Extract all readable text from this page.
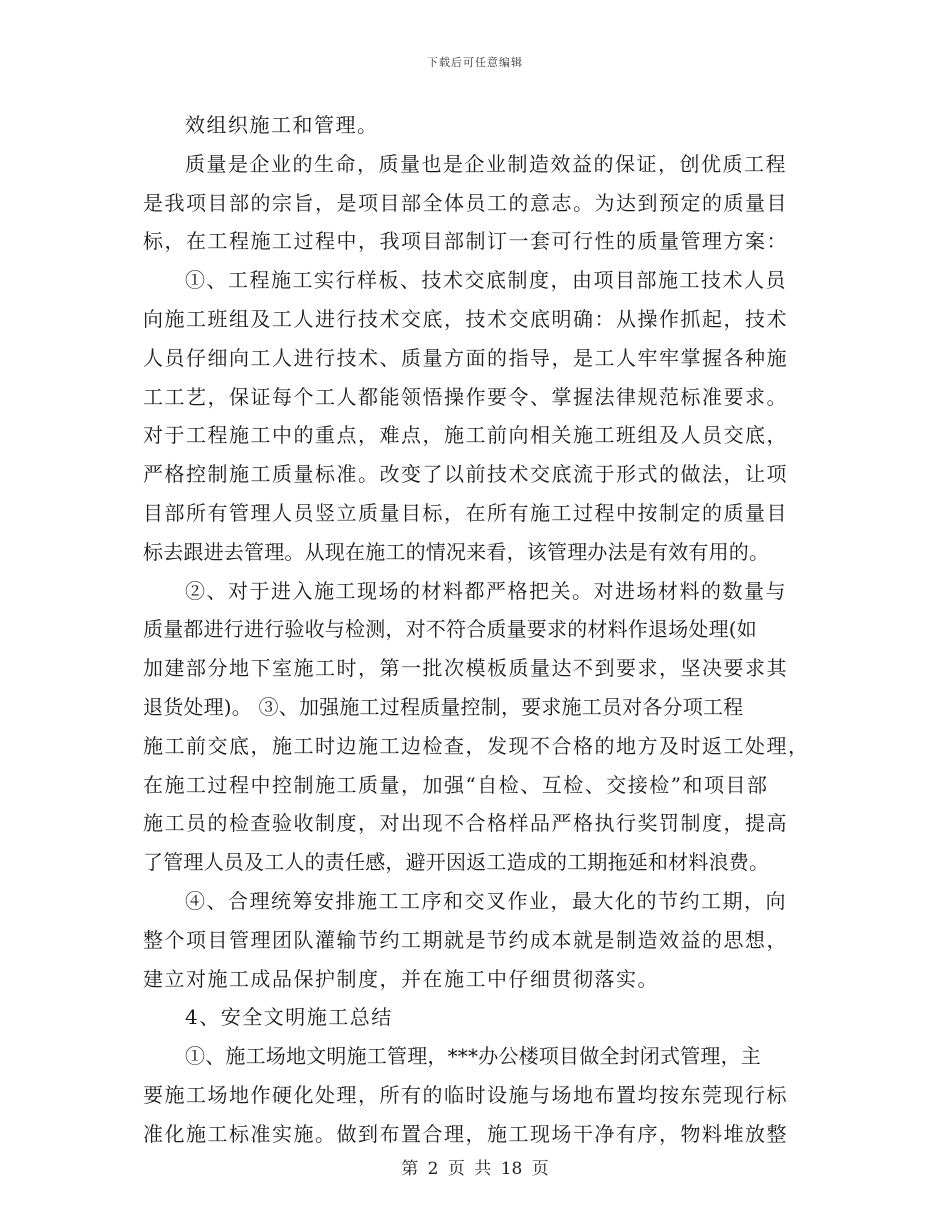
下载后可任意编辑
效组织施工和管理。
质量是企业的生命，质量也是企业制造效益的保证，创优质工程
是我项目部的宗旨，是项目部全体员工的意志。为达到预定的质量目
标，在工程施工过程中，我项目部制订一套可行性的质量管理方案：
①、工程施工实行样板、技术交底制度，由项目部施工技术人员
向施工班组及工人进行技术交底，技术交底明确：从操作抓起，技术
人员仔细向工人进行技术、质量方面的指导，是工人牢牢掌握各种施
工工艺，保证每个工人都能领悟操作要令、掌握法律规范标准要求。
对于工程施工中的重点，难点，施工前向相关施工班组及人员交底，
严格控制施工质量标准。改变了以前技术交底流于形式的做法，让项
目部所有管理人员竖立质量目标，在所有施工过程中按制定的质量目
标去跟进去管理。从现在施工的情况来看，该管理办法是有效有用的。
②、对于进入施工现场的材料都严格把关。对进场材料的数量与
质量都进行进行验收与检测，对不符合质量要求的材料作退场处理(如
加建部分地下室施工时，第一批次模板质量达不到要求，坚决要求其
退货处理)。 ③、加强施工过程质量控制，要求施工员对各分项工程
施工前交底，施工时边施工边检查，发现不合格的地方及时返工处理，
在施工过程中控制施工质量，加强“自检、互检、交接检”和项目部
施工员的检查验收制度，对出现不合格样品严格执行奖罚制度，提高
了管理人员及工人的责任感，避开因返工造成的工期拖延和材料浪费。
④、合理统筹安排施工工序和交叉作业，最大化的节约工期，向
整个项目管理团队灌输节约工期就是节约成本就是制造效益的思想，
建立对施工成品保护制度，并在施工中仔细贯彻落实。
4、安全文明施工总结
①、施工场地文明施工管理，***办公楼项目做全封闭式管理，主
要施工场地作硬化处理，所有的临时设施与场地布置均按东莞现行标
准化施工标准实施。做到布置合理，施工现场干净有序，物料堆放整
第 2 页 共 18 页
